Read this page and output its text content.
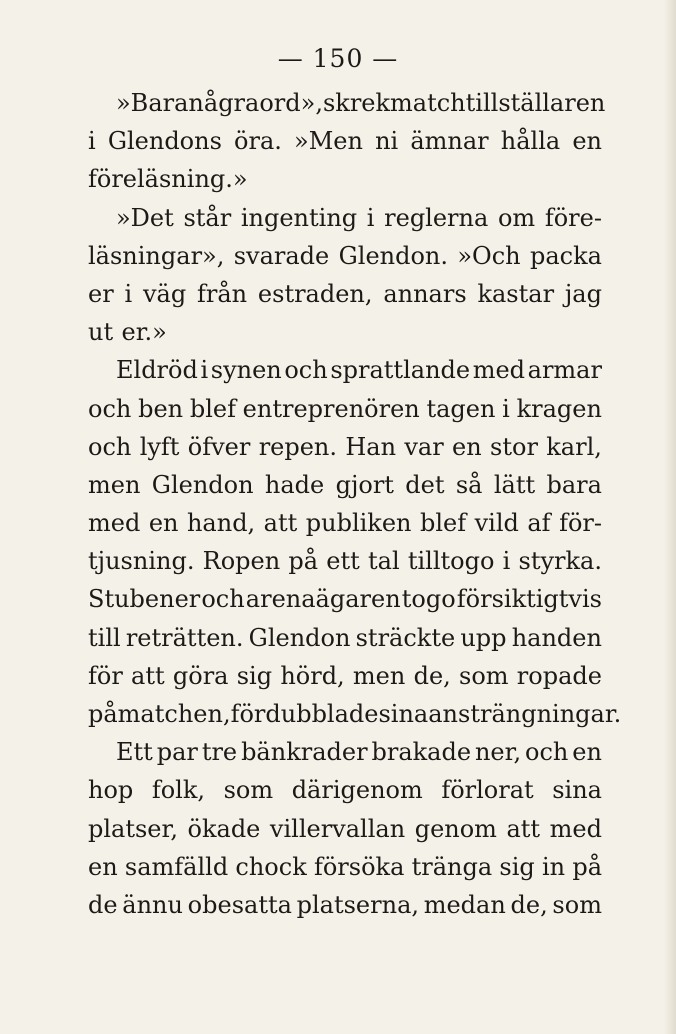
— 150 —
»Bara några ord», skrek matchtillställaren
i Glendons öra. »Men ni ämnar hålla en
föreläsning.»
»Det står ingenting i reglerna om före-
läsningar», svarade Glendon. »Och packa
er i väg från estraden, annars kastar jag
ut er.»
Eldröd i synen och sprattlande med armar
och ben blef entreprenören tagen i kragen
och lyft öfver repen. Han var en stor karl,
men Glendon hade gjort det så lätt bara
med en hand, att publiken blef vild af för-
tjusning. Ropen på ett tal tilltogo i styrka.
Stubener och arenaägaren togo försiktigtvis
till reträtten. Glendon sträckte upp handen
för att göra sig hörd, men de, som ropade
på matchen, fördubblade sina ansträngningar.
Ett par tre bänkrader brakade ner, och en
hop folk, som därigenom förlorat sina
platser, ökade villervallan genom att med
en samfälld chock försöka tränga sig in på
de ännu obesatta platserna, medan de, som
